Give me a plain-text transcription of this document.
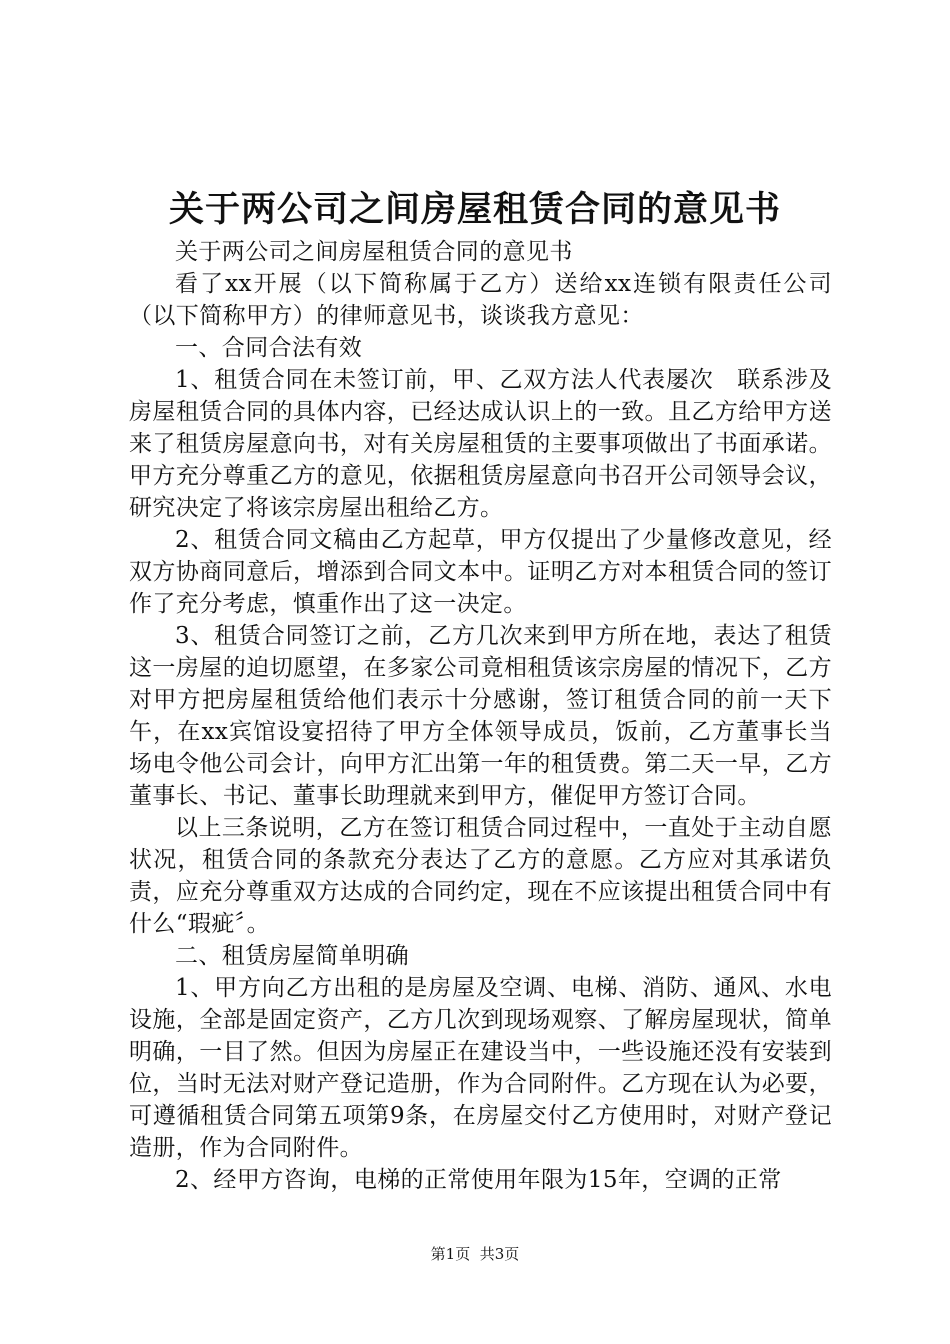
关于两公司之间房屋租赁合同的意见书

关于两公司之间房屋租赁合同的意见书

看了xx开展（以下简称属于乙方）送给xx连锁有限责任公司（以下简称甲方）的律师意见书，谈谈我方意见：

一、合同合法有效

1、租赁合同在未签订前，甲、乙双方法人代表屡次　联系涉及房屋租赁合同的具体内容，已经达成认识上的一致。且乙方给甲方送来了租赁房屋意向书，对有关房屋租赁的主要事项做出了书面承诺。甲方充分尊重乙方的意见，依据租赁房屋意向书召开公司领导会议，研究决定了将该宗房屋出租给乙方。

2、租赁合同文稿由乙方起草，甲方仅提出了少量修改意见，经双方协商同意后，增添到合同文本中。证明乙方对本租赁合同的签订作了充分考虑，慎重作出了这一决定。

3、租赁合同签订之前，乙方几次来到甲方所在地，表达了租赁这一房屋的迫切愿望，在多家公司竟相租赁该宗房屋的情况下，乙方对甲方把房屋租赁给他们表示十分感谢，签订租赁合同的前一天下午，在xx宾馆设宴招待了甲方全体领导成员，饭前，乙方董事长当场电令他公司会计，向甲方汇出第一年的租赁费。第二天一早，乙方董事长、书记、董事长助理就来到甲方，催促甲方签订合同。

以上三条说明，乙方在签订租赁合同过程中，一直处于主动自愿状况，租赁合同的条款充分表达了乙方的意愿。乙方应对其承诺负责，应充分尊重双方达成的合同约定，现在不应该提出租赁合同中有什么“瑕疵〞。

二、租赁房屋简单明确

1、甲方向乙方出租的是房屋及空调、电梯、消防、通风、水电设施，全部是固定资产，乙方几次到现场观察、了解房屋现状，简单明确，一目了然。但因为房屋正在建设当中，一些设施还没有安装到位，当时无法对财产登记造册，作为合同附件。乙方现在认为必要，可遵循租赁合同第五项第9条，在房屋交付乙方使用时，对财产登记造册，作为合同附件。

2、经甲方咨询，电梯的正常使用年限为15年，空调的正常

第1页 共3页
